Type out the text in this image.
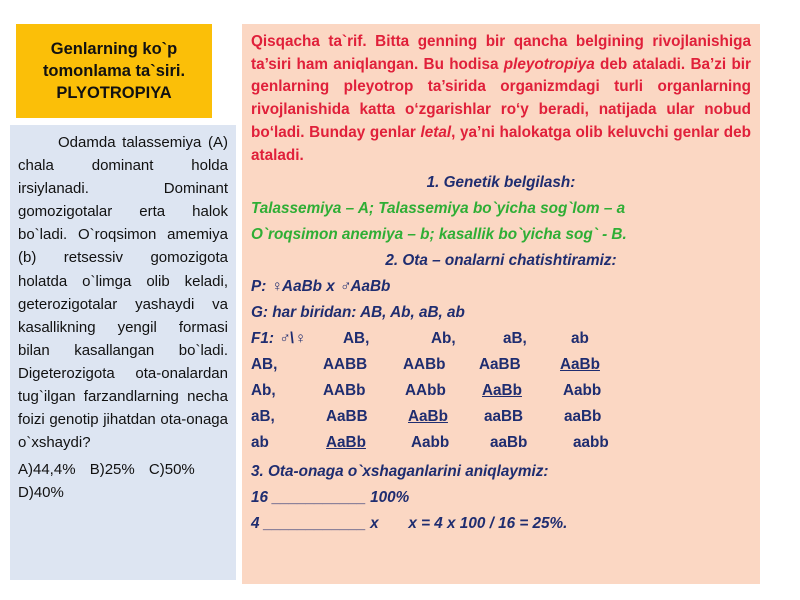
Genlarning ko`p
tomonlama ta`siri.
PLYOTROPIYA

Odamda talassemiya (A) chala dominant holda irsiylanadi. Dominant gomozigotalar erta halok bo`ladi. O`roqsimon amemiya (b) retsessiv gomozigota holatda o`limga olib keladi, geterozigotalar yashaydi va kasallikning yengil formasi bilan kasallangan bo`ladi. Digeterozigota ota-onalardan tug`ilgan farzandlarning necha foizi genotip jihatdan ota-onaga o`xshaydi?

A)44,4% B)25% C)50%
D)40%

Qisqacha ta`rif. Bitta genning bir qancha belgining rivojlanishiga ta’siri ham aniqlangan. Bu hodisa pleyotropiya deb ataladi. Ba’zi bir genlarning pleyotrop ta’sirida organizmdagi turli organlarning rivojlanishida katta o‘zgarishlar ro‘y beradi, natijada ular nobud bo‘ladi. Bunday genlar letal, ya’ni halokatga olib keluvchi genlar deb ataladi.

1. Genetik belgilash:
Talassemiya – A; Talassemiya bo`yicha sog`lom – a
O`roqsimon anemiya – b; kasallik bo`yicha sog` - B.
2. Ota – onalarni chatishtiramiz:
P: ♀AaBb x ♂AaBb
G: har biridan: AB, Ab, aB, ab
F1: ♂\♀ AB,	Ab,	aB,	ab
AB,	AABB AABb AaBB	AaBb
Ab,	AABb	AAbb AaBb	Aabb
aB,	AaBB	AaBb aaBB	aaBb
ab	AaBb	Aabb	aaBb	aabb
3. Ota-onaga o`xshaganlarini aniqlaymiz:
16 ___________ 100%
4 ____________ x       x = 4 x 100 / 16 = 25%.
